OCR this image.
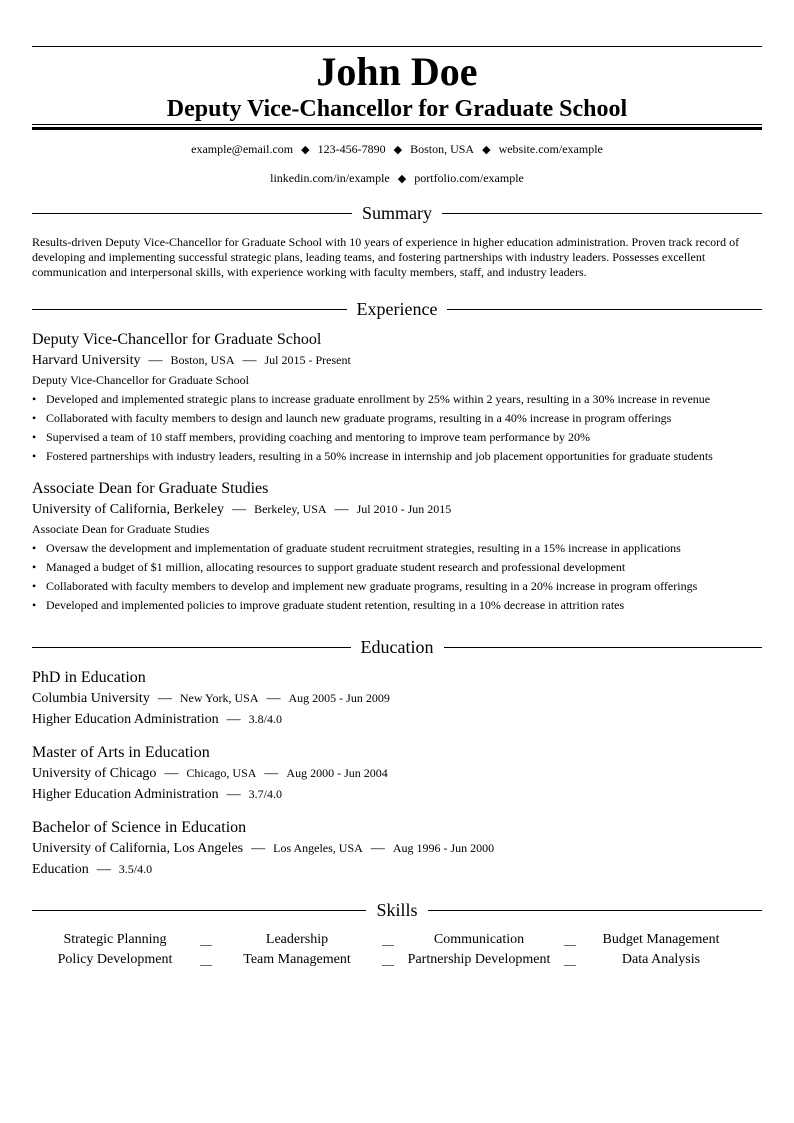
John Doe
Deputy Vice-Chancellor for Graduate School
example@email.com ◆ 123-456-7890 ◆ Boston, USA ◆ website.com/example
linkedin.com/in/example ◆ portfolio.com/example
Summary
Results-driven Deputy Vice-Chancellor for Graduate School with 10 years of experience in higher education administration. Proven track record of developing and implementing successful strategic plans, leading teams, and fostering partnerships with industry leaders. Possesses excellent communication and interpersonal skills, with experience working with faculty members, staff, and industry leaders.
Experience
Deputy Vice-Chancellor for Graduate School
Harvard University — Boston, USA — Jul 2015 - Present
Deputy Vice-Chancellor for Graduate School
• Developed and implemented strategic plans to increase graduate enrollment by 25% within 2 years, resulting in a 30% increase in revenue
• Collaborated with faculty members to design and launch new graduate programs, resulting in a 40% increase in program offerings
• Supervised a team of 10 staff members, providing coaching and mentoring to improve team performance by 20%
• Fostered partnerships with industry leaders, resulting in a 50% increase in internship and job placement opportunities for graduate students
Associate Dean for Graduate Studies
University of California, Berkeley — Berkeley, USA — Jul 2010 - Jun 2015
Associate Dean for Graduate Studies
• Oversaw the development and implementation of graduate student recruitment strategies, resulting in a 15% increase in applications
• Managed a budget of $1 million, allocating resources to support graduate student research and professional development
• Collaborated with faculty members to develop and implement new graduate programs, resulting in a 20% increase in program offerings
• Developed and implemented policies to improve graduate student retention, resulting in a 10% decrease in attrition rates
Education
PhD in Education
Columbia University — New York, USA — Aug 2005 - Jun 2009
Higher Education Administration — 3.8/4.0
Master of Arts in Education
University of Chicago — Chicago, USA — Aug 2000 - Jun 2004
Higher Education Administration — 3.7/4.0
Bachelor of Science in Education
University of California, Los Angeles — Los Angeles, USA — Aug 1996 - Jun 2000
Education — 3.5/4.0
Skills
Strategic Planning	__	Leadership	__	Communication	__	Budget Management
Policy Development	__	Team Management	__ Partnership Development	__	Data Analysis
